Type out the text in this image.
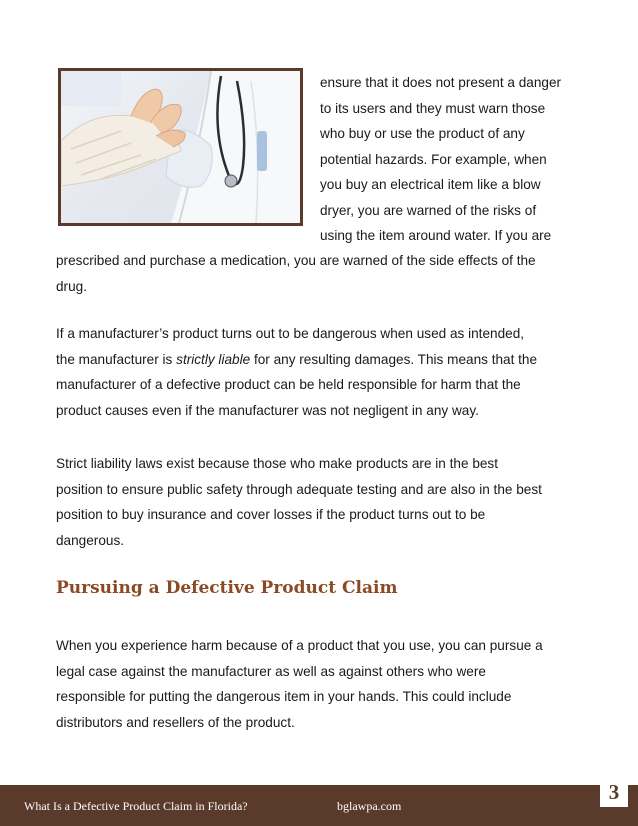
ensure that it does not present a danger
to its users and they must warn those
who buy or use the product of any
potential hazards. For example, when
you buy an electrical item like a blow
dryer, you are warned of the risks of
using the item around water. If you are
prescribed and purchase a medication, you are warned of the side effects of the
drug.
If a manufacturer’s product turns out to be dangerous when used as intended,
the manufacturer is strictly liable for any resulting damages. This means that the
manufacturer of a defective product can be held responsible for harm that the
product causes even if the manufacturer was not negligent in any way.
Strict liability laws exist because those who make products are in the best
position to ensure public safety through adequate testing and are also in the best
position to buy insurance and cover losses if the product turns out to be
dangerous.
Pursuing a Defective Product Claim
When you experience harm because of a product that you use, you can pursue a
legal case against the manufacturer as well as against others who were
responsible for putting the dangerous item in your hands. This could include
distributors and resellers of the product.
What Is a Defective Product Claim in Florida?	bglawpa.com
3
